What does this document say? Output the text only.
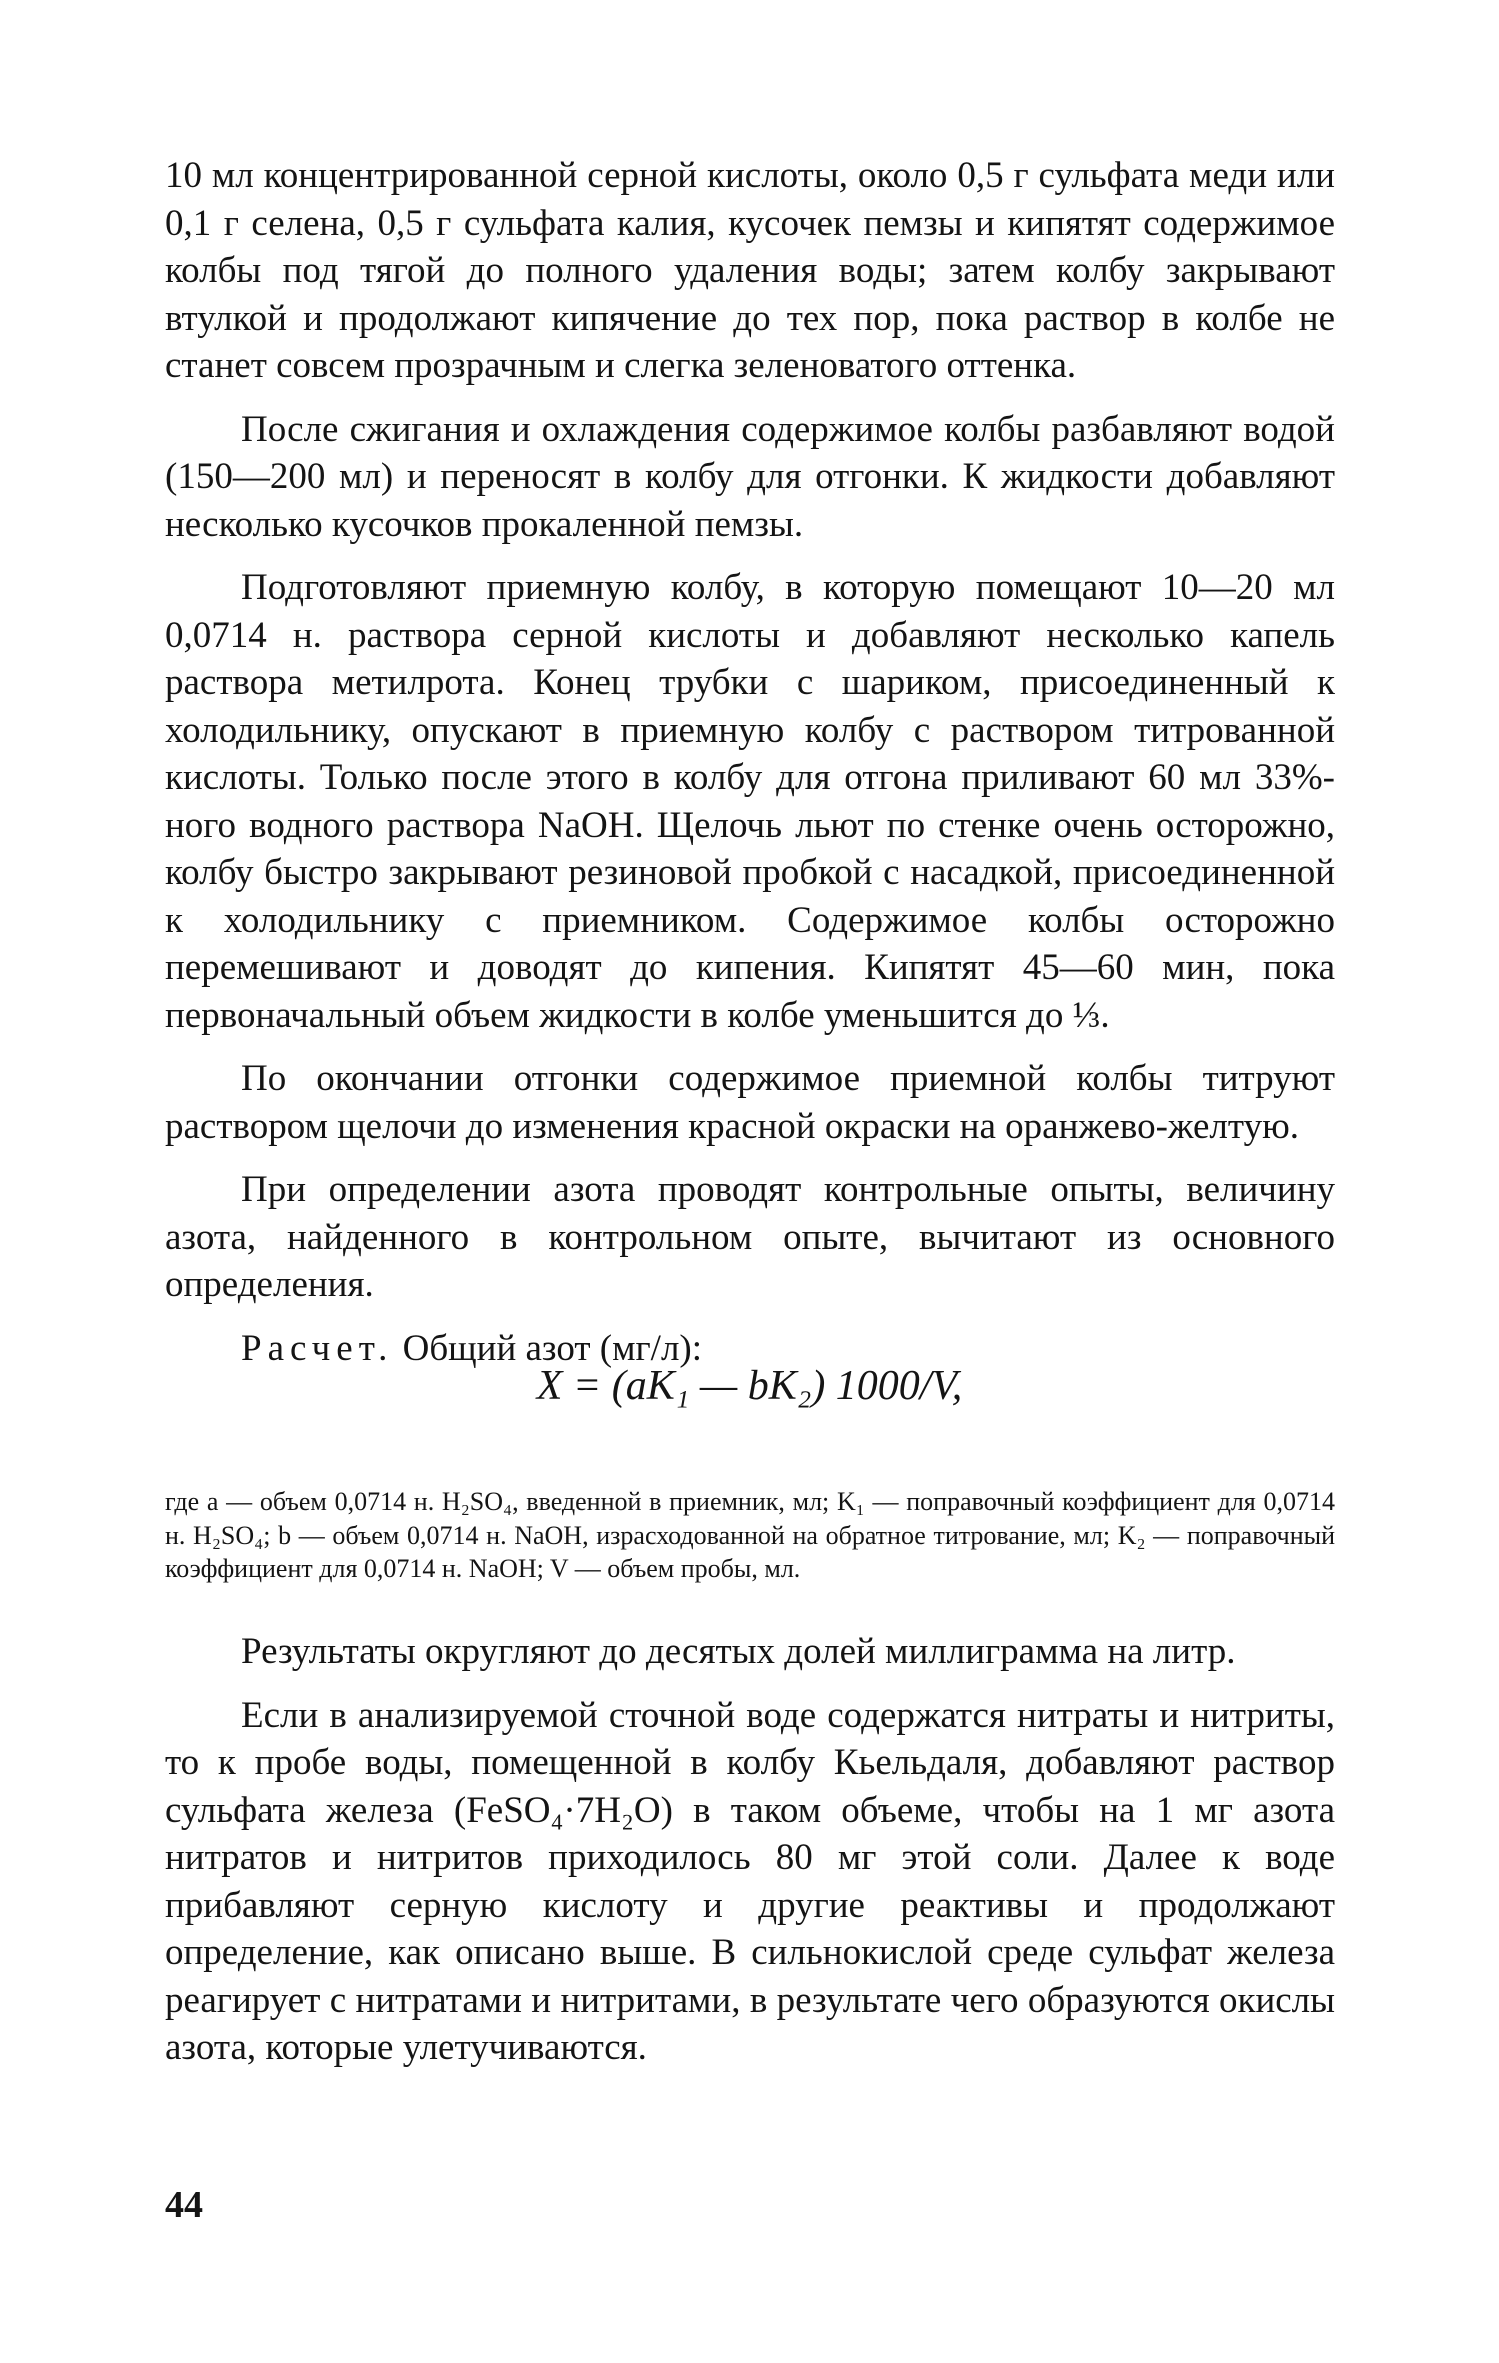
10 мл концентрированной серной кислоты, около 0,5 г сульфата меди или 0,1 г селена, 0,5 г сульфата калия, кусочек пемзы и кипятят содержимое колбы под тягой до полного удаления воды; затем колбу закрывают втулкой и продолжают кипячение до тех пор, пока раствор в колбе не станет совсем прозрачным и слегка зеленоватого оттенка.

После сжигания и охлаждения содержимое колбы разбавляют водой (150—200 мл) и переносят в колбу для отгонки. К жидкости добавляют несколько кусочков прокаленной пемзы.

Подготовляют приемную колбу, в которую помещают 10—20 мл 0,0714 н. раствора серной кислоты и добавляют несколько капель раствора метилрота. Конец трубки с шариком, присоединенный к холодильнику, опускают в приемную колбу с раствором титрованной кислоты. Только после этого в колбу для отгона приливают 60 мл 33%-ного водного раствора NaOH. Щелочь льют по стенке очень осторожно, колбу быстро закрывают резиновой пробкой с насадкой, присоединенной к холодильнику с приемником. Содержимое колбы осторожно перемешивают и доводят до кипения. Кипятят 45—60 мин, пока первоначальный объем жидкости в колбе уменьшится до ⅓.

По окончании отгонки содержимое приемной колбы титруют раствором щелочи до изменения красной окраски на оранжево-желтую.

При определении азота проводят контрольные опыты, величину азота, найденного в контрольном опыте, вычитают из основного определения.

Расчет. Общий азот (мг/л):

X = (aK₁ — bK₂) 1000/V,
где a — объем 0,0714 н. H₂SO₄, введенной в приемник, мл; K₁ — поправочный коэффициент для 0,0714 н. H₂SO₄; b — объем 0,0714 н. NaOH, израсходованной на обратное титрование, мл; K₂ — поправочный коэффициент для 0,0714 н. NaOH; V — объем пробы, мл.

Результаты округляют до десятых долей миллиграмма на литр.

Если в анализируемой сточной воде содержатся нитраты и нитриты, то к пробе воды, помещенной в колбу Кьельдаля, добавляют раствор сульфата железа (FeSO₄·7H₂O) в таком объеме, чтобы на 1 мг азота нитратов и нитритов приходилось 80 мг этой соли. Далее к воде прибавляют серную кислоту и другие реактивы и продолжают определение, как описано выше. В сильнокислой среде сульфат железа реагирует с нитратами и нитритами, в результате чего образуются окислы азота, которые улетучиваются.

44
